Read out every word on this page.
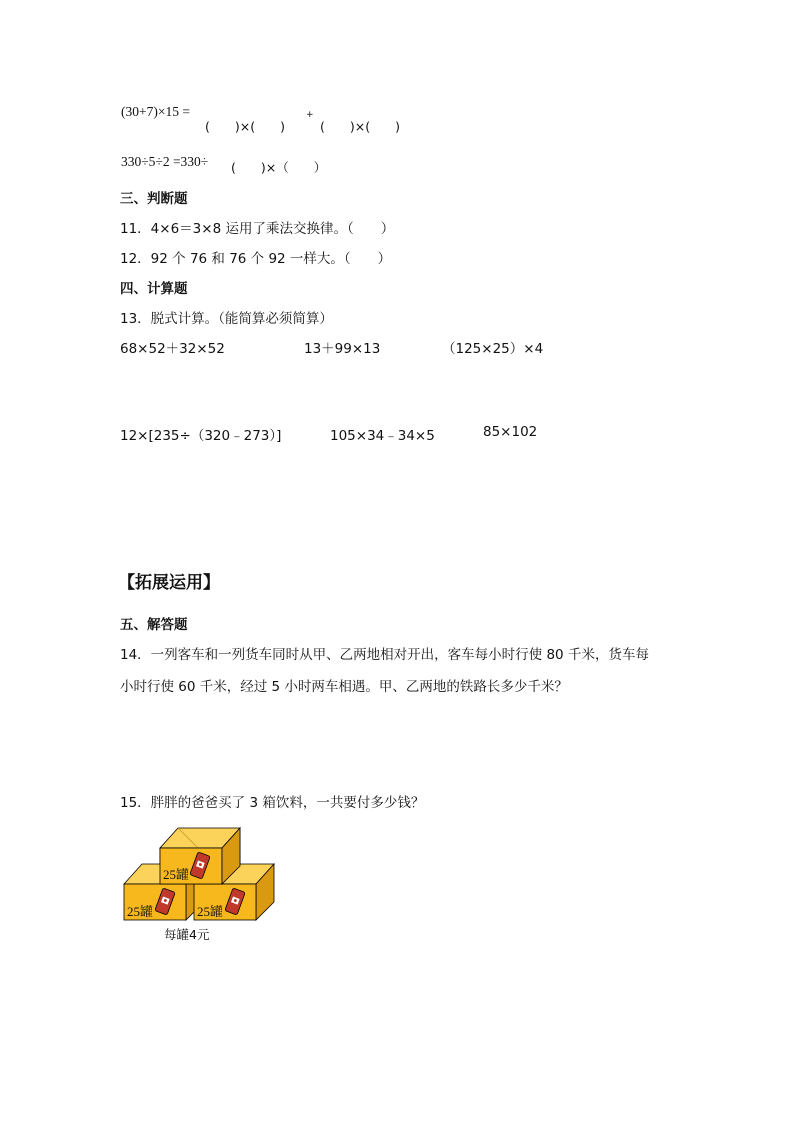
(30+7)×15 =
(　　)×(　　)
+
(　　)×(　　)
330÷5÷2 =330÷ (　　)×（　　）
三、判断题
11．4×6＝3×8 运用了乘法交换律。（　　）
12．92 个 76 和 76 个 92 一样大。（　　）
四、计算题
13．脱式计算。（能简算必须简算）
68×52＋32×52	13＋99×13	（125×25）×4
12×[235÷（320﹣273）]	105×34﹣34×5	85×102
【拓展运用】
五、解答题
14．一列客车和一列货车同时从甲、乙两地相对开出，客车每小时行使 80 千米，货车每
小时行使 60 千米，经过 5 小时两车相遇。甲、乙两地的铁路长多少千米？
15．胖胖的爸爸买了 3 箱饮料，一共要付多少钱？
25罐
25罐	25罐
每罐4元
